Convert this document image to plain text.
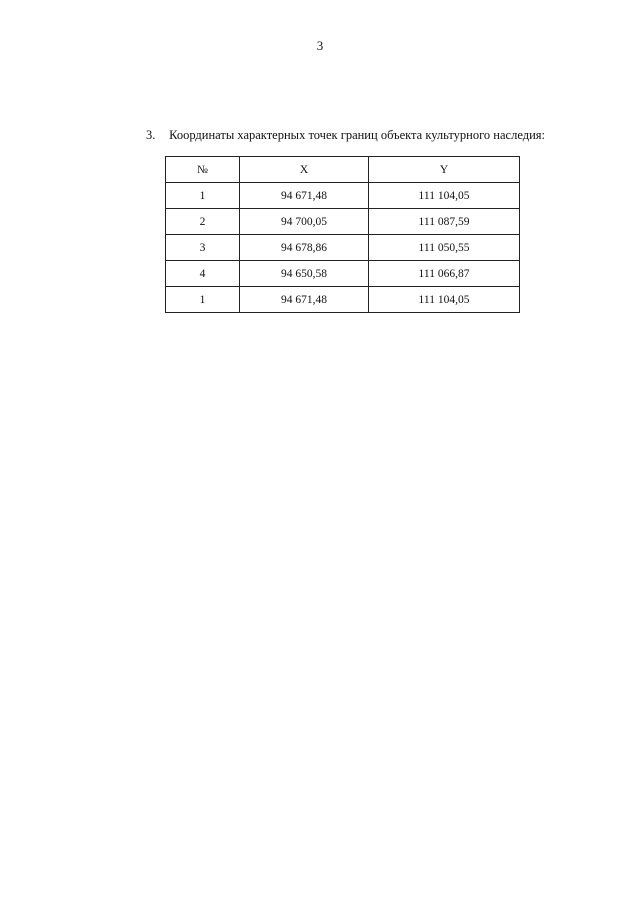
3
3. Координаты характерных точек границ объекта культурного наследия:
№	X	Y
1	94 671,48	111 104,05
2	94 700,05	111 087,59
3	94 678,86	111 050,55
4	94 650,58	111 066,87
1	94 671,48	111 104,05
